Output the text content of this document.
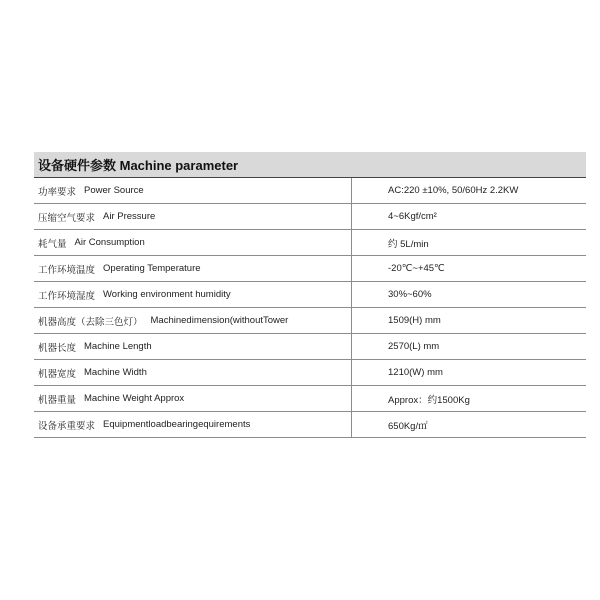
设备硬件参数 Machine parameter
功率要求 Power Source	AC:220 ±10%, 50/60Hz 2.2KW
压缩空气要求 Air Pressure	4~6Kgf/cm²
耗气量 Air Consumption	约 5L/min
工作环境温度 Operating Temperature	-20℃~+45℃
工作环境湿度 Working environment humidity	30%~60%
机器高度（去除三色灯） Machinedimension(withoutTower	1509(H) mm
机器长度 Machine Length	2570(L) mm
机器宽度 Machine Width	1210(W) mm
机器重量 Machine Weight Approx	Approx：约1500Kg
设备承重要求 Equipmentloadbearingequirements	650Kg/㎡
